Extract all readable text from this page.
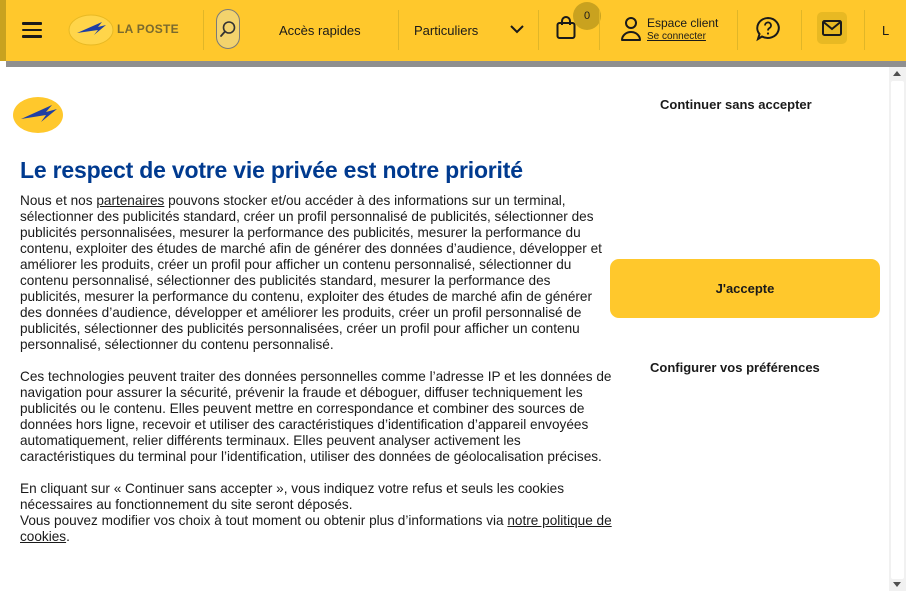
LA POSTE	Accès rapides	Particuliers
0	Espace client
Se connecter	L
Continuer sans accepter
Le respect de votre vie privée est notre priorité

Nous et nos partenaires pouvons stocker et/ou accéder à des informations sur un terminal, sélectionner des publicités standard, créer un profil personnalisé de publicités, sélectionner des publicités personnalisées, mesurer la performance des publicités, mesurer la performance du contenu, exploiter des études de marché afin de générer des données d’audience, développer et améliorer les produits, créer un profil pour afficher un contenu personnalisé, sélectionner du contenu personnalisé, sélectionner des publicités standard, mesurer la performance des publicités, mesurer la performance du contenu, exploiter des études de marché afin de générer des données d’audience, développer et améliorer les produits, créer un profil personnalisé de publicités, sélectionner des publicités personnalisées, créer un profil pour afficher un contenu personnalisé, sélectionner du contenu personnalisé.

Ces technologies peuvent traiter des données personnelles comme l’adresse IP et les données de navigation pour assurer la sécurité, prévenir la fraude et déboguer, diffuser techniquement les publicités ou le contenu. Elles peuvent mettre en correspondance et combiner des sources de données hors ligne, recevoir et utiliser des caractéristiques d’identification d’appareil envoyées automatiquement, relier différents terminaux. Elles peuvent analyser activement les caractéristiques du terminal pour l’identification, utiliser des données de géolocalisation précises.

En cliquant sur « Continuer sans accepter », vous indiquez votre refus et seuls les cookies nécessaires au fonctionnement du site seront déposés.
Vous pouvez modifier vos choix à tout moment ou obtenir plus d’informations via notre politique de cookies.

J'accepte
Configurer vos préférences
